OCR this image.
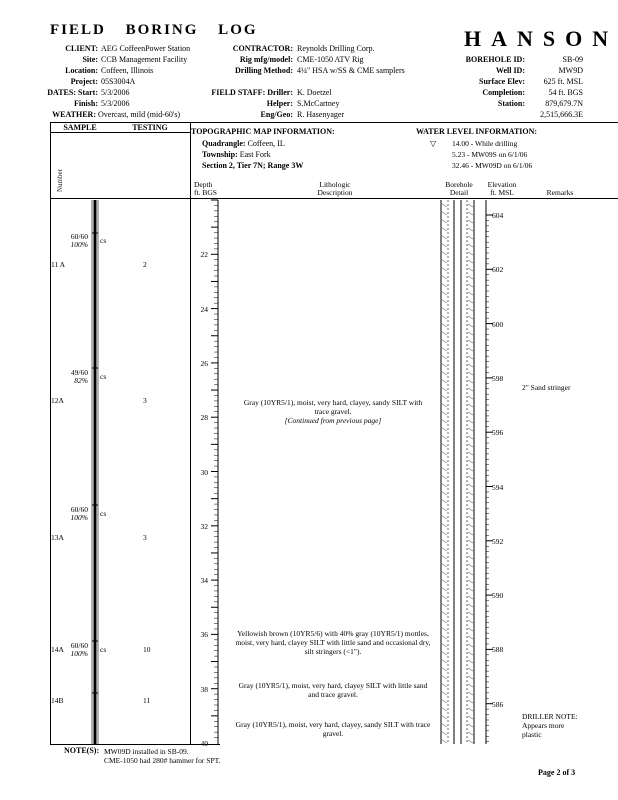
FIELD BORING LOG	HANSON
CLIENT: AEG CoffeenPower Station
Site: CCB Management Facility
Location: Coffeen, Illinois
Project: 05S3004A
DATES: Start: 5/3/2006
Finish: 5/3/2006
WEATHER: Overcast, mild (mid-60's)
CONTRACTOR: Reynolds Drilling Corp.
Rig mfg/model: CME-1050 ATV Rig
Drilling Method: 4¼" HSA w/SS & CME samplers
FIELD STAFF: Driller: K. Doetzel
Helper: S.McCartney
Eng/Geo: R. Hasenyager
BOREHOLE ID:	SB-09
Well ID:	MW9D
Surface Elev:	625 ft. MSL
Completion:	54 ft. BGS
Station:	879,679.7N
2,515,666.3E
SAMPLE	TESTING
Number
TOPOGRAPHIC MAP INFORMATION:
Quadrangle: Coffeen, IL
Township: East Fork
Section 2, Tier 7N; Range 3W
WATER LEVEL INFORMATION:
▽ 14.00 - While drilling
5.23 - MW09S on 6/1/06
32.46 - MW09D on 6/1/06
Depth
ft. BGS
Lithologic
Description
Borehole
Detail
Elevation
ft. MSL	Remarks
22
24
26
28
30
32
34
36
38
40
604
602
600
598
596
594
592
590
588
586
60/60
100% cs
11 A	2
49/60
82% cs
12A	3
60/60
100% cs
13A	3
60/60
100% cs
14A	10
14B	11
Gray (10YR5/1), moist, very hard, clayey, sandy SILT with trace gravel.
[Continued from previous page]
Yellowish brown (10YR5/6) with 40% gray (10YR5/1) mottles, moist, very hard, clayey SILT with little sand and occasional dry, silt stringers (<1").
Gray (10YR5/1), moist, very hard, clayey SILT with little sand and trace gravel.
Gray (10YR5/1), moist, very hard, clayey, sandy SILT with trace gravel.
2" Sand stringer
DRILLER NOTE:
Appears more
plastic
NOTE(S): MW09D installed in SB-09.
CME-1050 had 280# hammer for SPT.
Page 2 of 3
